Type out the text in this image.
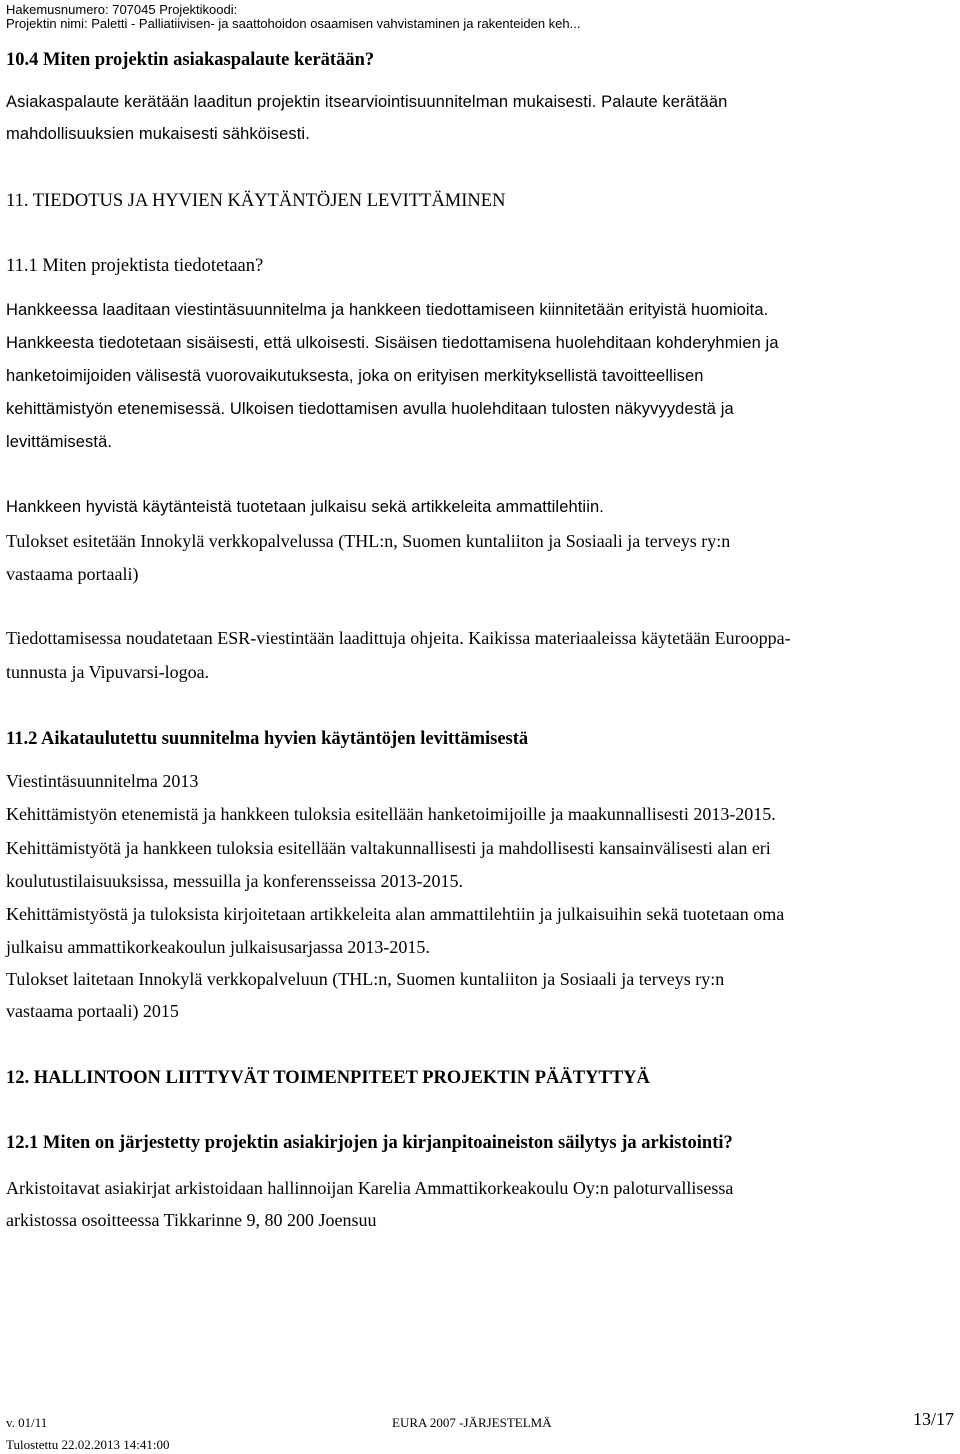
Hakemusnumero: 707045 Projektikoodi:
Projektin nimi: Paletti - Palliatiivisen- ja saattohoidon osaamisen vahvistaminen ja rakenteiden keh...
10.4 Miten projektin asiakaspalaute kerätään?
Asiakaspalaute kerätään laaditun projektin itsearviointisuunnitelman mukaisesti. Palaute kerätään
mahdollisuuksien mukaisesti sähköisesti.
11. TIEDOTUS JA HYVIEN KÄYTÄNTÖJEN LEVITTÄMINEN
11.1 Miten projektista tiedotetaan?
Hankkeessa laaditaan viestintäsuunnitelma ja hankkeen tiedottamiseen kiinnitetään erityistä huomioita.
Hankkeesta tiedotetaan sisäisesti, että ulkoisesti. Sisäisen tiedottamisena huolehditaan kohderyhmien ja
hanketoimijoiden välisestä vuorovaikutuksesta, joka on erityisen merkityksellistä tavoitteellisen
kehittämistyön etenemisessä. Ulkoisen tiedottamisen avulla huolehditaan tulosten näkyvyydestä ja
levittämisestä.
Hankkeen hyvistä käytänteistä tuotetaan julkaisu sekä artikkeleita ammattilehtiin.
Tulokset esitetään Innokylä verkkopalvelussa (THL:n, Suomen kuntaliiton ja Sosiaali ja terveys ry:n
vastaama portaali)
Tiedottamisessa noudatetaan ESR-viestintään laadittuja ohjeita. Kaikissa materiaaleissa käytetään Eurooppa-
tunnusta ja Vipuvarsi-logoa.
11.2 Aikataulutettu suunnitelma hyvien käytäntöjen levittämisestä
Viestintäsuunnitelma 2013
Kehittämistyön etenemistä ja hankkeen tuloksia esitellään hanketoimijoille ja maakunnallisesti 2013-2015.
Kehittämistyötä ja hankkeen tuloksia esitellään valtakunnallisesti ja mahdollisesti kansainvälisesti alan eri
koulutustilaisuuksissa, messuilla ja konferensseissa 2013-2015.
Kehittämistyöstä ja tuloksista kirjoitetaan artikkeleita alan ammattilehtiin ja julkaisuihin sekä tuotetaan oma
julkaisu ammattikorkeakoulun julkaisusarjassa 2013-2015.
Tulokset laitetaan Innokylä verkkopalveluun (THL:n, Suomen kuntaliiton ja Sosiaali ja terveys ry:n
vastaama portaali) 2015
12. HALLINTOON LIITTYVÄT TOIMENPITEET PROJEKTIN PÄÄTYTTYÄ
12.1 Miten on järjestetty projektin asiakirjojen ja kirjanpitoaineiston säilytys ja arkistointi?
Arkistoitavat asiakirjat arkistoidaan hallinnoijan Karelia Ammattikorkeakoulu Oy:n paloturvallisessa
arkistossa osoitteessa Tikkarinne 9, 80 200 Joensuu
v. 01/11	EURA 2007 -JÄRJESTELMÄ	13/17
Tulostettu 22.02.2013 14:41:00
